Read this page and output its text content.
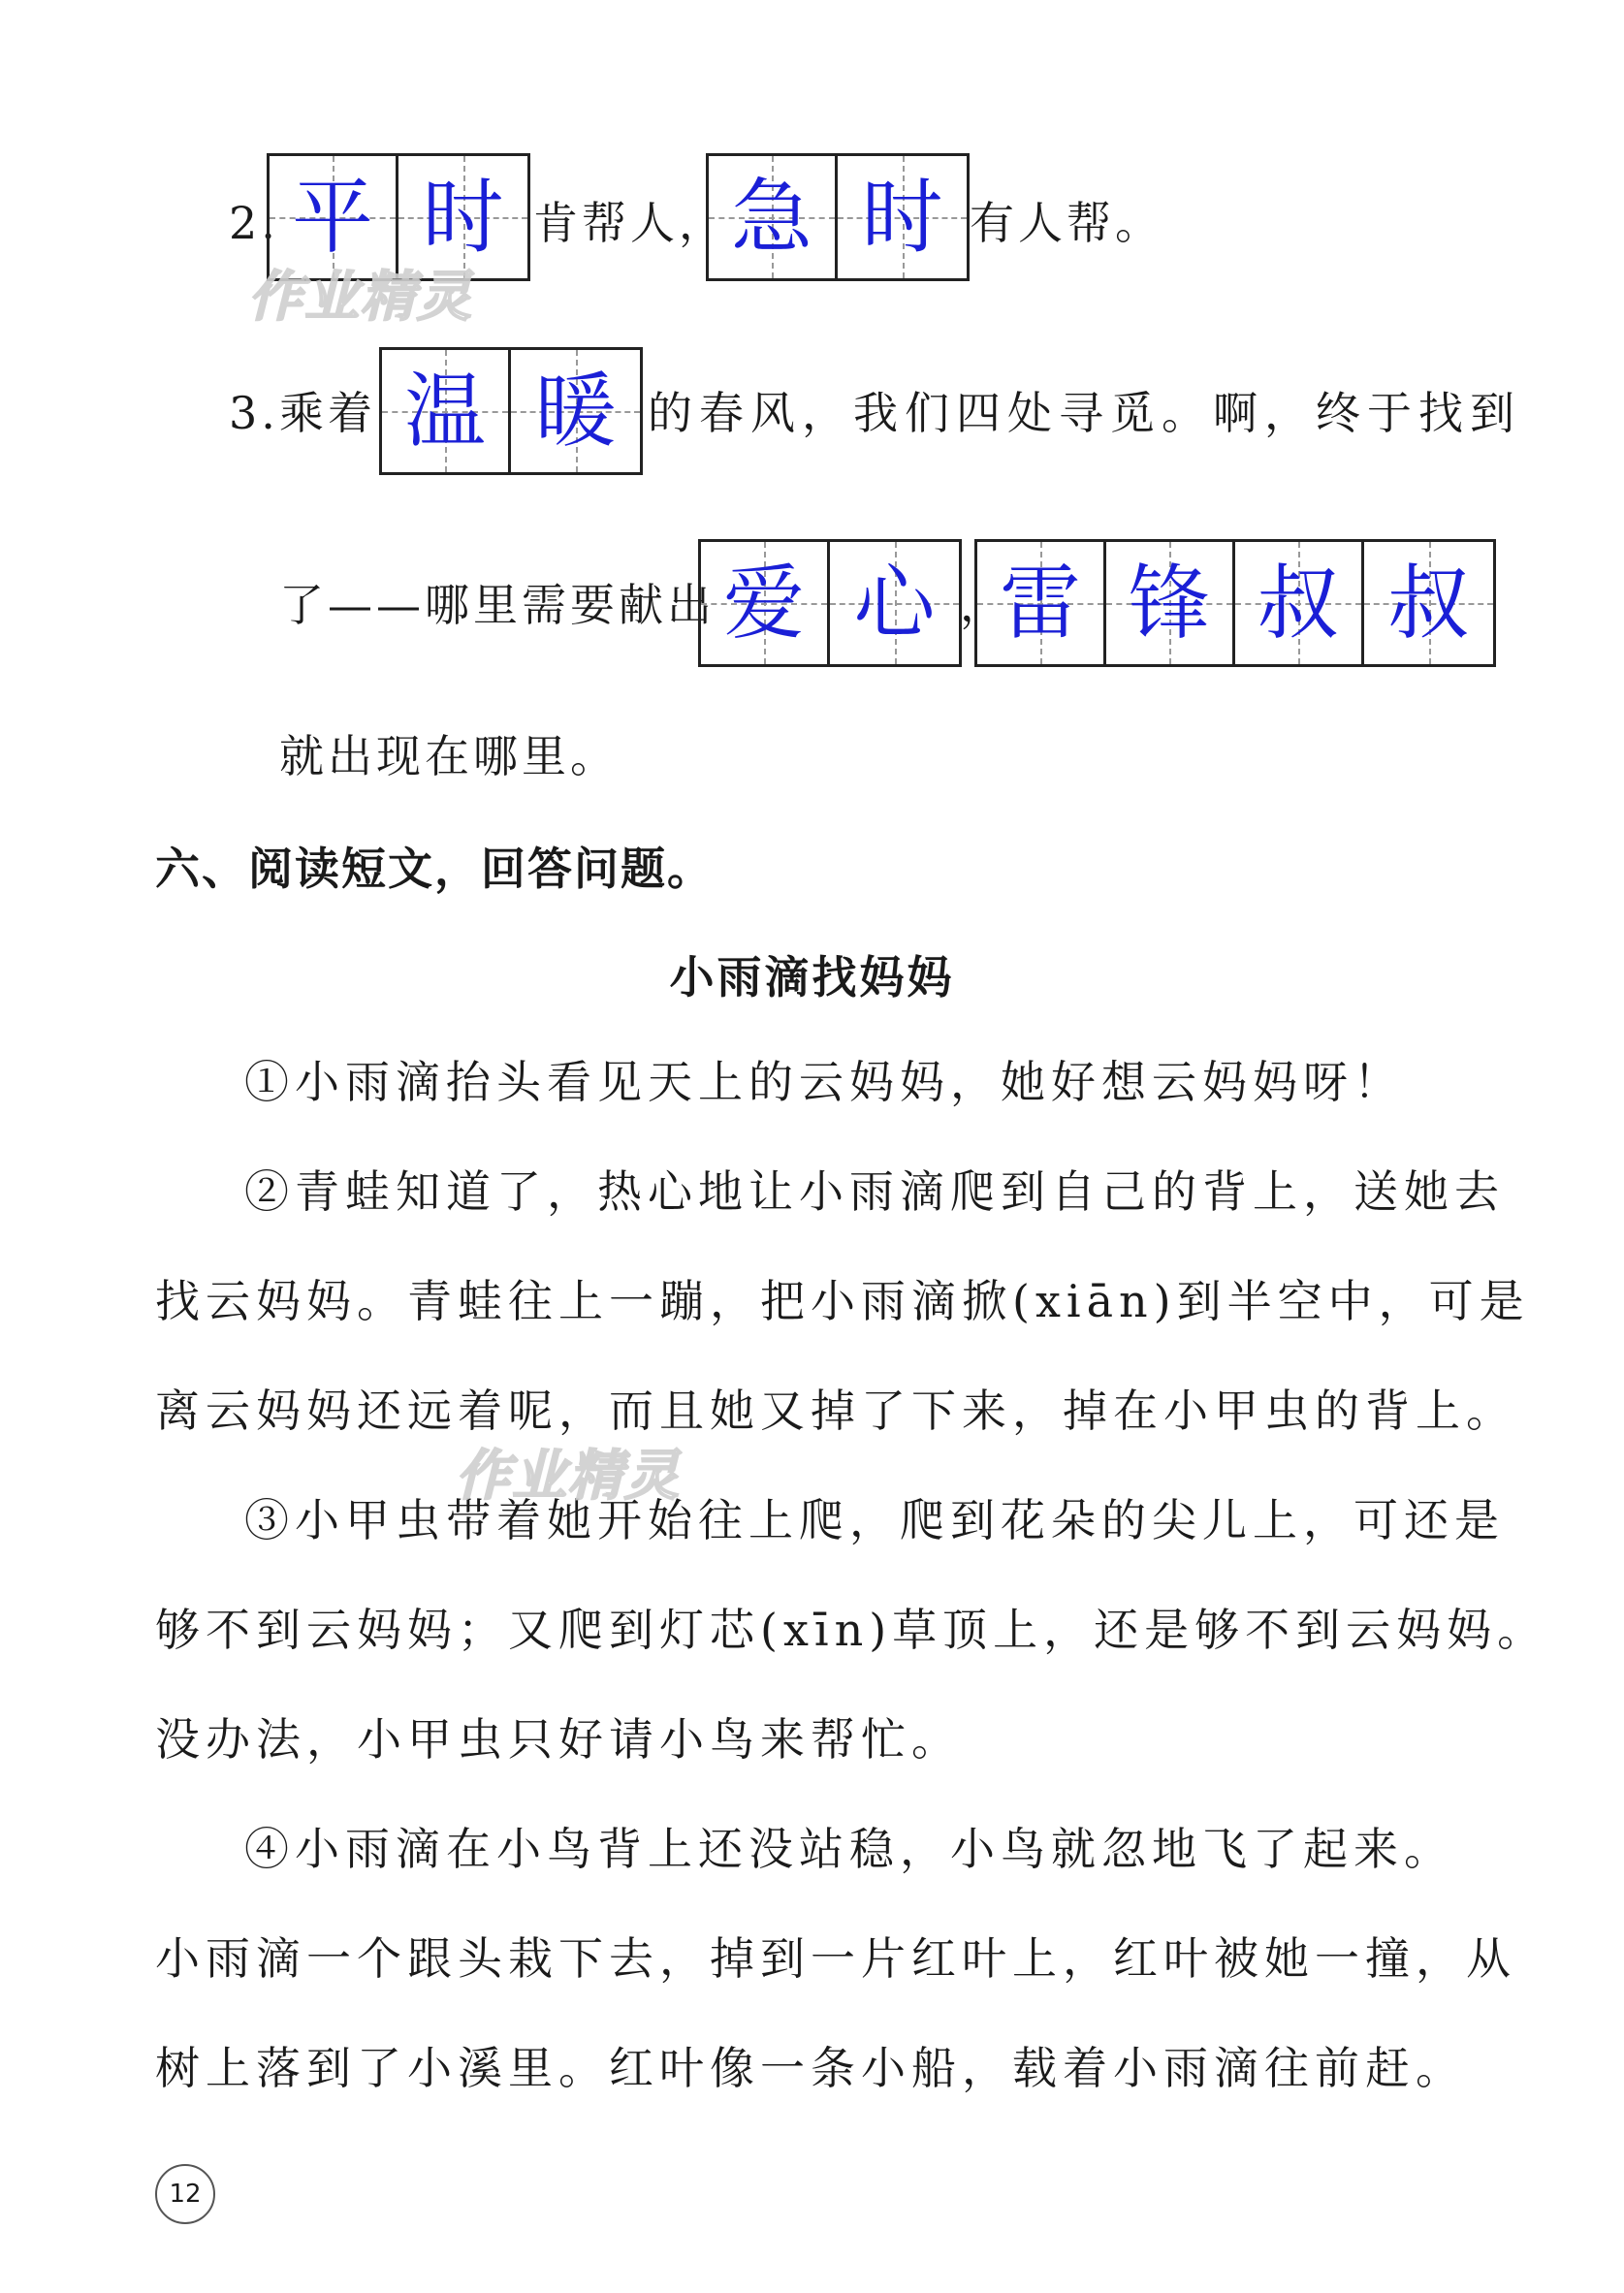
2. 平 时 肯帮人， 急 时 有人帮。
作业精灵
3. 乘着 温 暖 的春风，我们四处寻觅。啊，终于找到
了——哪里需要献出 爱 心 ，
雷 锋 叔 叔
就出现在哪里。
六、阅读短文，回答问题。
小雨滴找妈妈

①小雨滴抬头看见天上的云妈妈，她好想云妈妈呀！

②青蛙知道了，热心地让小雨滴爬到自己的背上，送她去

找云妈妈。青蛙往上一蹦，把小雨滴掀(xiān)到半空中，可是

离云妈妈还远着呢，而且她又掉了下来，掉在小甲虫的背上。

③小甲虫带着她开始往上爬，爬到花朵的尖儿上，可还是

够不到云妈妈；又爬到灯芯(xīn)草顶上，还是够不到云妈妈。

没办法，小甲虫只好请小鸟来帮忙。

④小雨滴在小鸟背上还没站稳，小鸟就忽地飞了起来。

小雨滴一个跟头栽下去，掉到一片红叶上，红叶被她一撞，从

树上落到了小溪里。红叶像一条小船，载着小雨滴往前赶。

作业精灵
12
